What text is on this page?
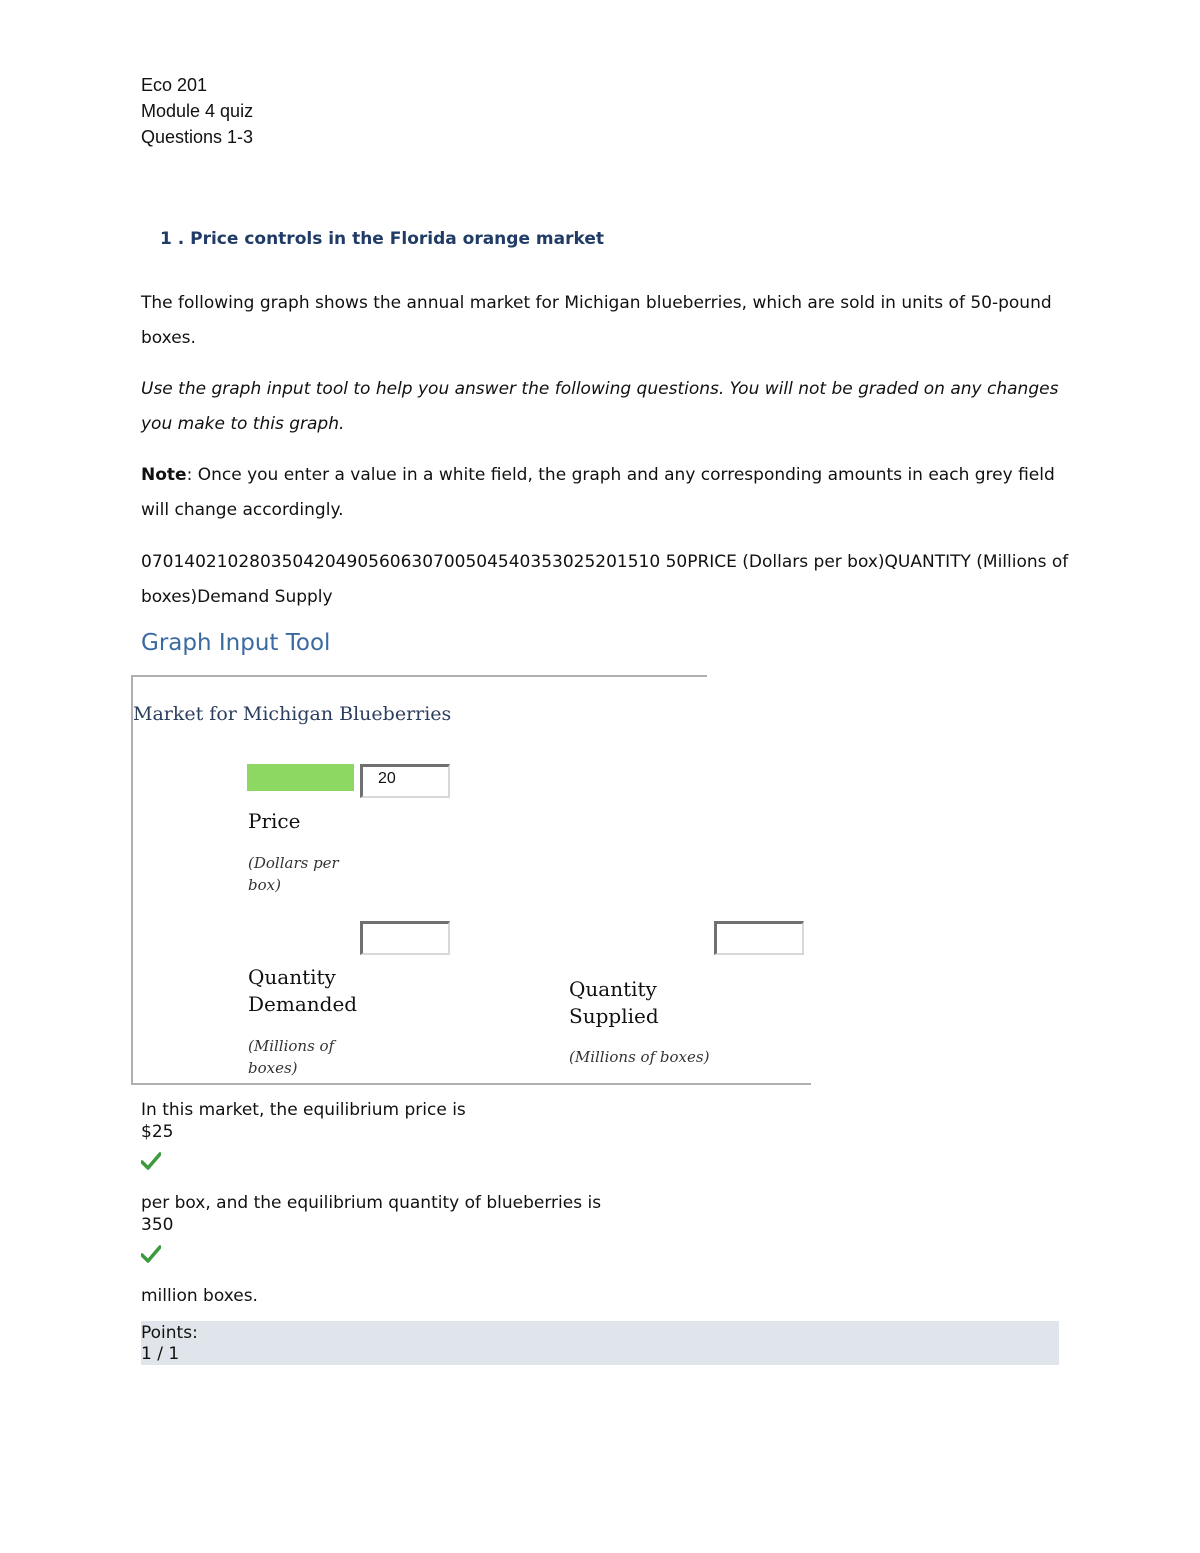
Eco 201
Module 4 quiz
Questions 1-3
1 . Price controls in the Florida orange market
The following graph shows the annual market for Michigan blueberries, which are sold in units of 50-pound boxes.
Use the graph input tool to help you answer the following questions. You will not be graded on any changes you make to this graph.
Note: Once you enter a value in a white field, the graph and any corresponding amounts in each grey field will change accordingly.
070140210280350420490560630700504540353025201510 50PRICE (Dollars per box)QUANTITY (Millions of boxes)Demand Supply
Graph Input Tool
Market for Michigan Blueberries
20
Price
(Dollars per box)
Quantity Demanded
(Millions of boxes)
Quantity Supplied
(Millions of boxes)
In this market, the equilibrium price is
$25
per box, and the equilibrium quantity of blueberries is
350
million boxes.
Points:
1 / 1
